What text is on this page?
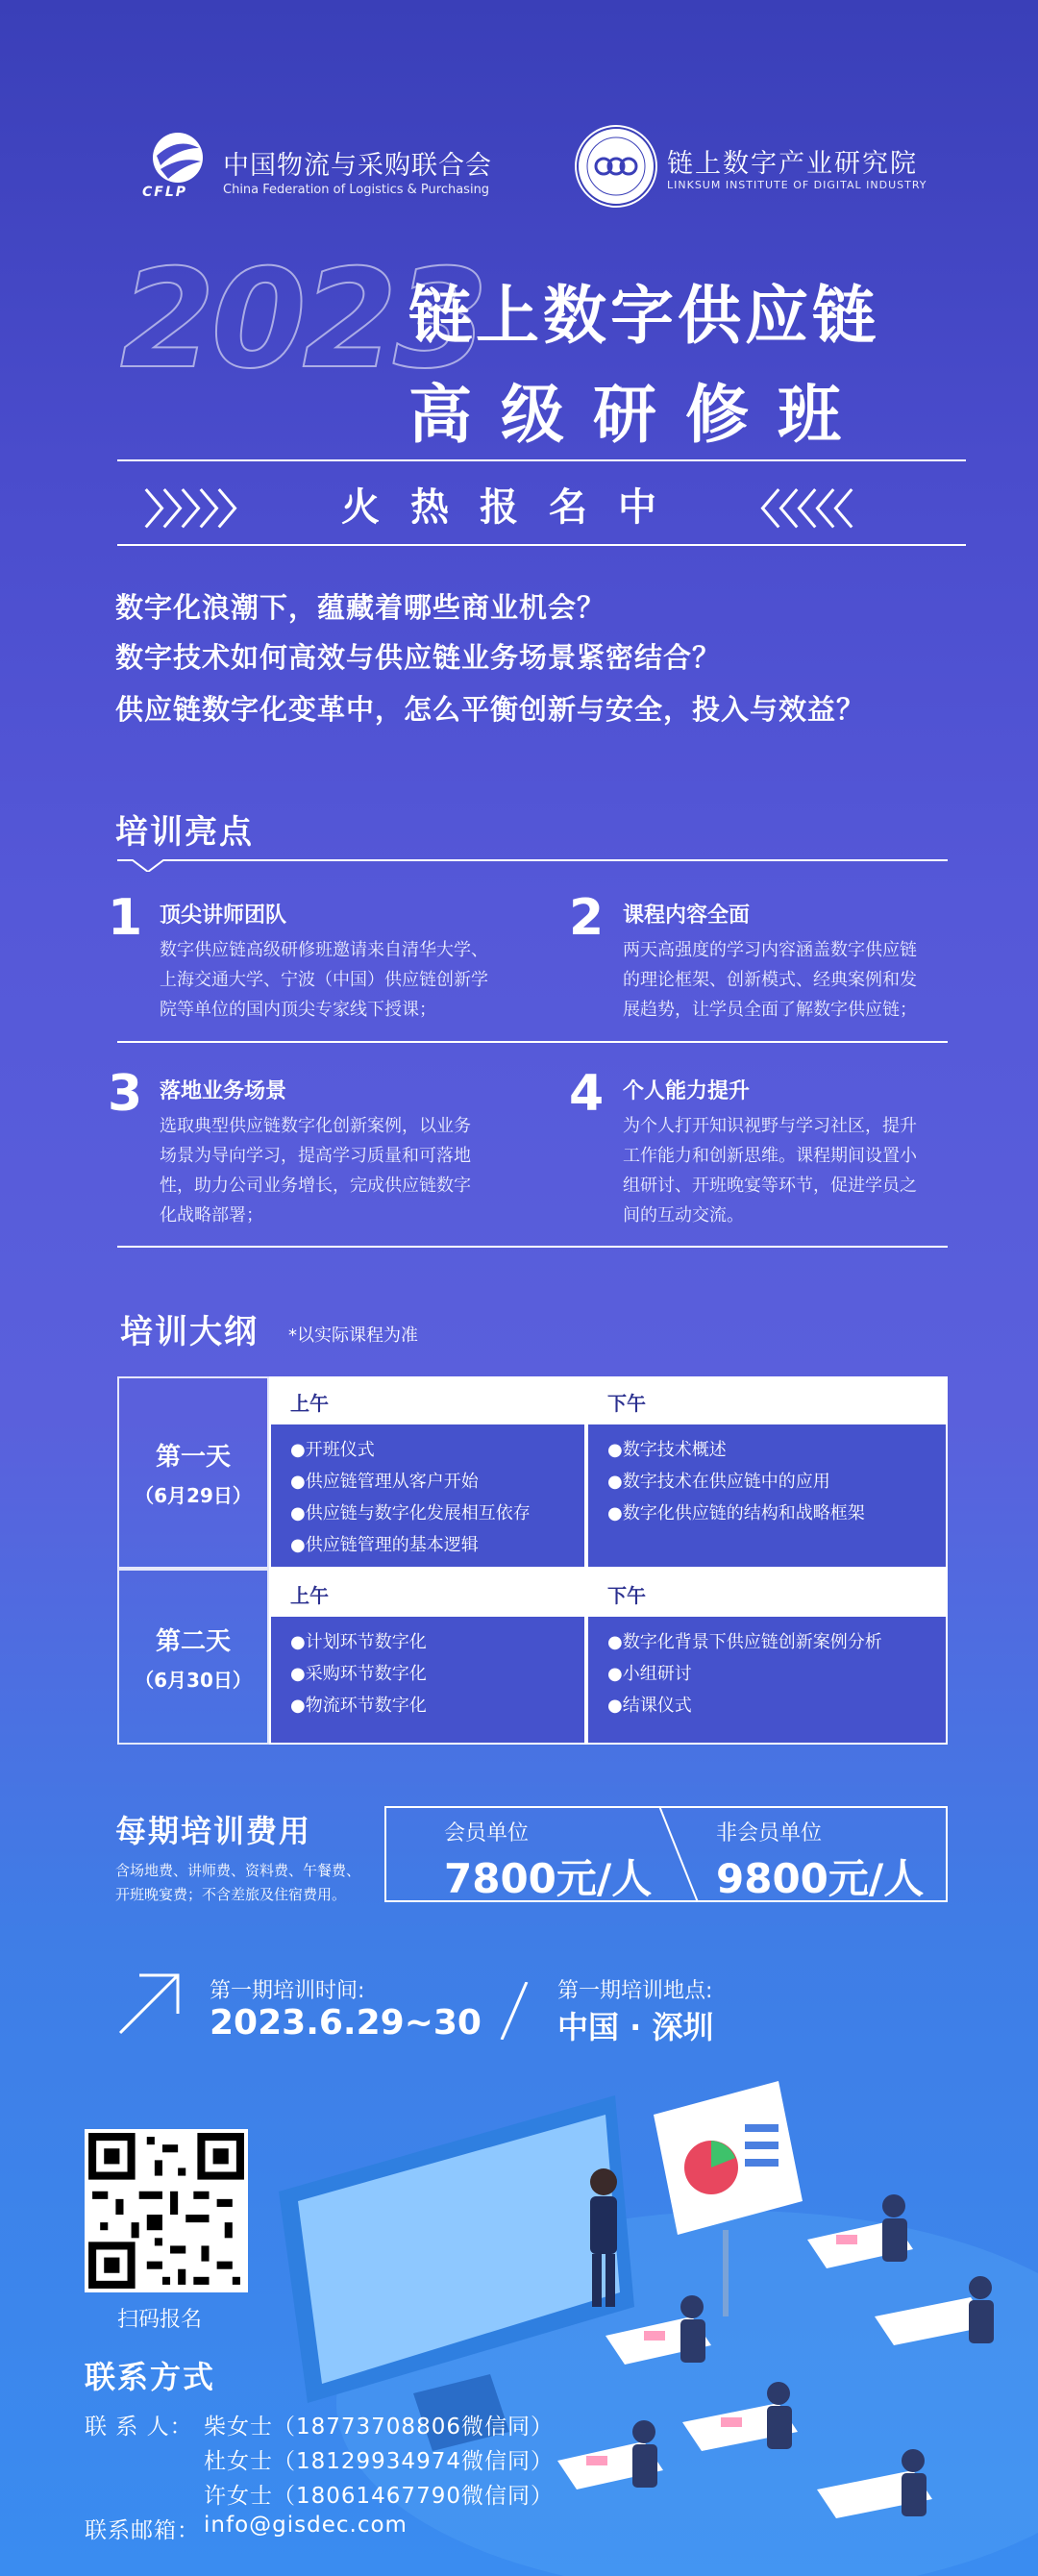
CFLP
中国物流与采购联合会
China Federation of Logistics & Purchasing
链上数字产业研究院
LINKSUM INSTITUTE OF DIGITAL INDUSTRY
2023
链上数字供应链
高级研修班
〉〉〉〉〉 火热报名中 〈〈〈〈〈
数字化浪潮下，蕴藏着哪些商业机会？
数字技术如何高效与供应链业务场景紧密结合？
供应链数字化变革中，怎么平衡创新与安全，投入与效益？
培训亮点
1 顶尖讲师团队
数字供应链高级研修班邀请来自清华大学、
上海交通大学、宁波（中国）供应链创新学
院等单位的国内顶尖专家线下授课；
2 课程内容全面
两天高强度的学习内容涵盖数字供应链
的理论框架、创新模式、经典案例和发
展趋势，让学员全面了解数字供应链；
3 落地业务场景
选取典型供应链数字化创新案例，以业务
场景为导向学习，提高学习质量和可落地
性，助力公司业务增长，完成供应链数字
化战略部署；
4 个人能力提升
为个人打开知识视野与学习社区，提升
工作能力和创新思维。课程期间设置小
组研讨、开班晚宴等环节，促进学员之
间的互动交流。
培训大纲 *以实际课程为准
第一天
（6月29日）
上午	下午
●开班仪式
●供应链管理从客户开始
●供应链与数字化发展相互依存
●供应链管理的基本逻辑
●数字技术概述
●数字技术在供应链中的应用
●数字化供应链的结构和战略框架
第二天
（6月30日）
上午	下午
●计划环节数字化
●采购环节数字化
●物流环节数字化
●数字化背景下供应链创新案例分析
●小组研讨
●结课仪式
每期培训费用
含场地费、讲师费、资料费、午餐费、
开班晚宴费；不含差旅及住宿费用。
会员单位
7800元/人
非会员单位
9800元/人
第一期培训时间:
2023.6.29~30
第一期培训地点:
中国 · 深圳
扫码报名
联系方式
联 系 人： 柴女士（18773708806微信同）
杜女士（18129934974微信同）
许女士（18061467790微信同）
联系邮箱： info@gisdec.com
